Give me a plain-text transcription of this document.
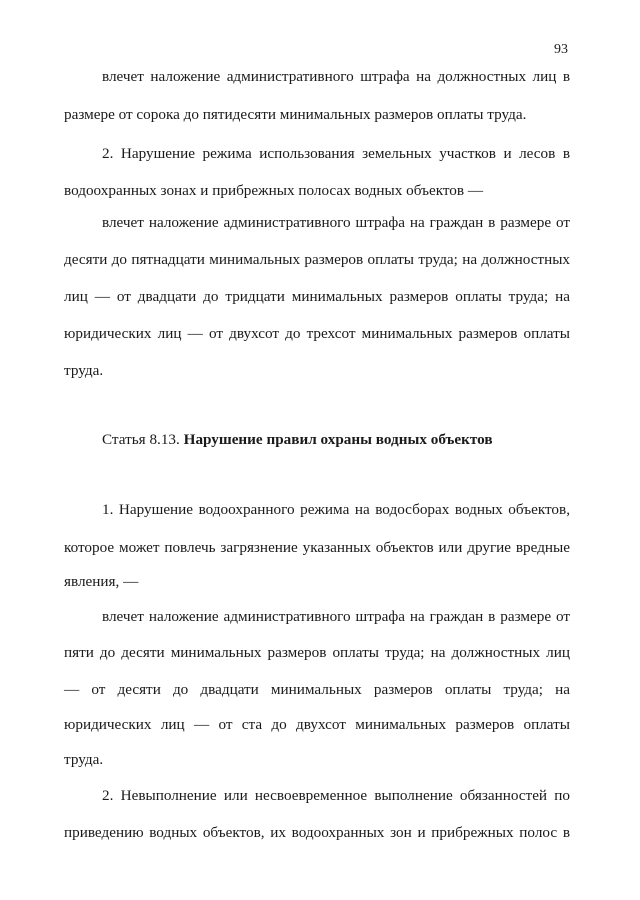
93
влечет наложение административного штрафа на должностных лиц в
размере от сорока до пятидесяти минимальных размеров оплаты труда.
2. Нарушение режима использования земельных участков и лесов в
водоохранных зонах и прибрежных полосах водных объектов —
влечет наложение административного штрафа на граждан в размере от
десяти до пятнадцати минимальных размеров оплаты труда; на должностных
лиц — от двадцати до тридцати минимальных размеров оплаты труда; на
юридических лиц — от двухсот до трехсот минимальных размеров оплаты
труда.
Статья 8.13. Нарушение правил охраны водных объектов
1. Нарушение водоохранного режима на водосборах водных объектов,
которое может повлечь загрязнение указанных объектов или другие вредные
явления, —
влечет наложение административного штрафа на граждан в размере от
пяти до десяти минимальных размеров оплаты труда; на должностных лиц
— от десяти до двадцати минимальных размеров оплаты труда; на
юридических лиц — от ста до двухсот минимальных размеров оплаты
труда.
2. Невыполнение или несвоевременное выполнение обязанностей по
приведению водных объектов, их водоохранных зон и прибрежных полос в
